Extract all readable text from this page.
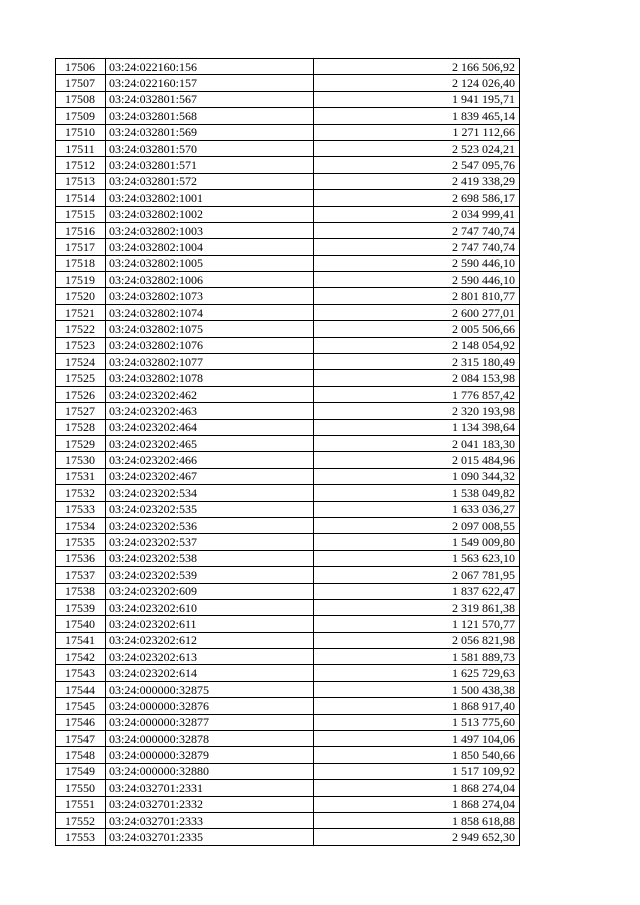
17506	03:24:022160:156	2 166 506,92
17507	03:24:022160:157	2 124 026,40
17508	03:24:032801:567	1 941 195,71
17509	03:24:032801:568	1 839 465,14
17510	03:24:032801:569	1 271 112,66
17511	03:24:032801:570	2 523 024,21
17512	03:24:032801:571	2 547 095,76
17513	03:24:032801:572	2 419 338,29
17514	03:24:032802:1001	2 698 586,17
17515	03:24:032802:1002	2 034 999,41
17516	03:24:032802:1003	2 747 740,74
17517	03:24:032802:1004	2 747 740,74
17518	03:24:032802:1005	2 590 446,10
17519	03:24:032802:1006	2 590 446,10
17520	03:24:032802:1073	2 801 810,77
17521	03:24:032802:1074	2 600 277,01
17522	03:24:032802:1075	2 005 506,66
17523	03:24:032802:1076	2 148 054,92
17524	03:24:032802:1077	2 315 180,49
17525	03:24:032802:1078	2 084 153,98
17526	03:24:023202:462	1 776 857,42
17527	03:24:023202:463	2 320 193,98
17528	03:24:023202:464	1 134 398,64
17529	03:24:023202:465	2 041 183,30
17530	03:24:023202:466	2 015 484,96
17531	03:24:023202:467	1 090 344,32
17532	03:24:023202:534	1 538 049,82
17533	03:24:023202:535	1 633 036,27
17534	03:24:023202:536	2 097 008,55
17535	03:24:023202:537	1 549 009,80
17536	03:24:023202:538	1 563 623,10
17537	03:24:023202:539	2 067 781,95
17538	03:24:023202:609	1 837 622,47
17539	03:24:023202:610	2 319 861,38
17540	03:24:023202:611	1 121 570,77
17541	03:24:023202:612	2 056 821,98
17542	03:24:023202:613	1 581 889,73
17543	03:24:023202:614	1 625 729,63
17544	03:24:000000:32875	1 500 438,38
17545	03:24:000000:32876	1 868 917,40
17546	03:24:000000:32877	1 513 775,60
17547	03:24:000000:32878	1 497 104,06
17548	03:24:000000:32879	1 850 540,66
17549	03:24:000000:32880	1 517 109,92
17550	03:24:032701:2331	1 868 274,04
17551	03:24:032701:2332	1 868 274,04
17552	03:24:032701:2333	1 858 618,88
17553	03:24:032701:2335	2 949 652,30
